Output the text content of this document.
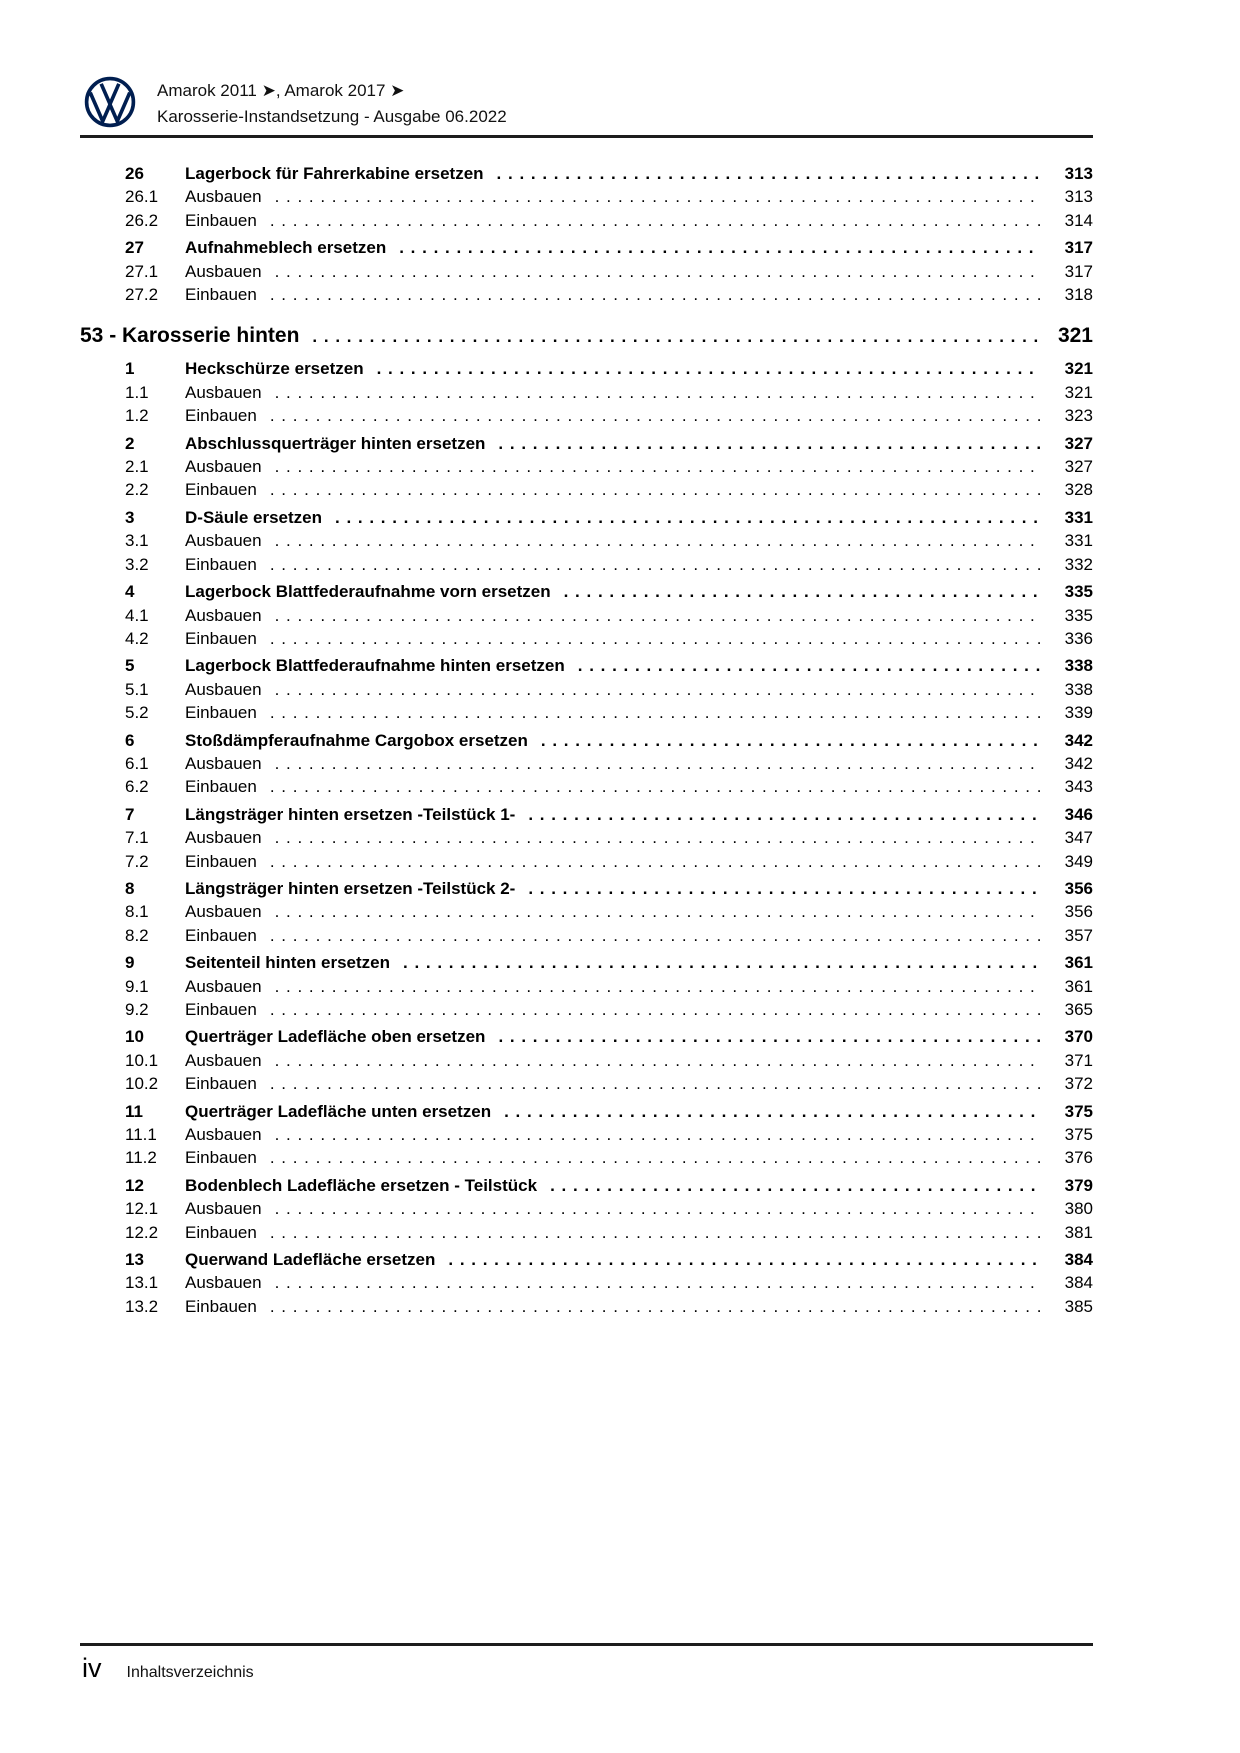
Amarok 2011 ➤, Amarok 2017 ➤
Karosserie-Instandsetzung - Ausgabe 06.2022
26	Lagerbock für Fahrerkabine ersetzen . . .	313
26.1	Ausbauen . . .	313
26.2	Einbauen . . .	314
27	Aufnahmeblech ersetzen . . .	317
27.1	Ausbauen . . .	317
27.2	Einbauen . . .	318
53 - Karosserie hinten . . .	321
1	Heckschürze ersetzen . . .	321
1.1	Ausbauen . . .	321
1.2	Einbauen . . .	323
2	Abschlussquerträger hinten ersetzen . . .	327
2.1	Ausbauen . . .	327
2.2	Einbauen . . .	328
3	D-Säule ersetzen . . .	331
3.1	Ausbauen . . .	331
3.2	Einbauen . . .	332
4	Lagerbock Blattfederaufnahme vorn ersetzen . . .	335
4.1	Ausbauen . . .	335
4.2	Einbauen . . .	336
5	Lagerbock Blattfederaufnahme hinten ersetzen . . .	338
5.1	Ausbauen . . .	338
5.2	Einbauen . . .	339
6	Stoßdämpferaufnahme Cargobox ersetzen . . .	342
6.1	Ausbauen . . .	342
6.2	Einbauen . . .	343
7	Längsträger hinten ersetzen -Teilstück 1- . . .	346
7.1	Ausbauen . . .	347
7.2	Einbauen . . .	349
8	Längsträger hinten ersetzen -Teilstück 2- . . .	356
8.1	Ausbauen . . .	356
8.2	Einbauen . . .	357
9	Seitenteil hinten ersetzen . . .	361
9.1	Ausbauen . . .	361
9.2	Einbauen . . .	365
10	Querträger Ladefläche oben ersetzen . . .	370
10.1	Ausbauen . . .	371
10.2	Einbauen . . .	372
11	Querträger Ladefläche unten ersetzen . . .	375
11.1	Ausbauen . . .	375
11.2	Einbauen . . .	376
12	Bodenblech Ladefläche ersetzen - Teilstück . . .	379
12.1	Ausbauen . . .	380
12.2	Einbauen . . .	381
13	Querwand Ladefläche ersetzen . . .	384
13.1	Ausbauen . . .	384
13.2	Einbauen . . .	385
iv Inhaltsverzeichnis
